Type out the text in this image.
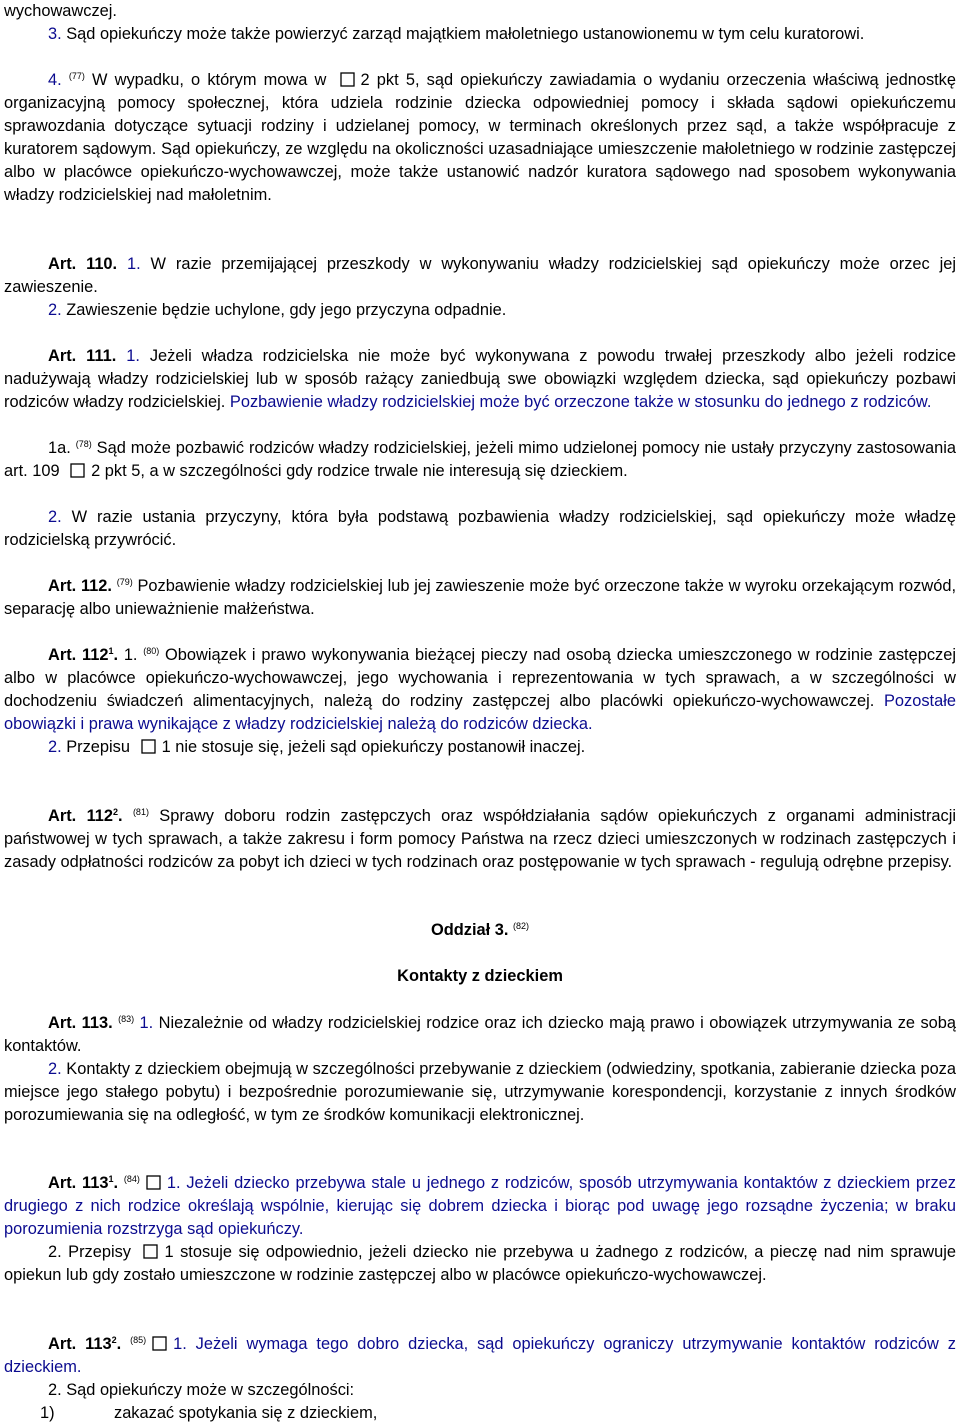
wychowawczej.
3. Sąd opiekuńczy może także powierzyć zarząd majątkiem małoletniego ustanowionemu w tym celu kuratorowi.

4. $^{(77)}$ W wypadku, o którym mowa w 2 pkt 5, sąd opiekuńczy zawiadamia o wydaniu orzeczenia właściwą jednostkę organizacyjną pomocy społecznej, która udziela rodzinie dziecka odpowiedniej pomocy i składa sądowi opiekuńczemu sprawozdania dotyczące sytuacji rodziny i udzielanej pomocy, w terminach określonych przez sąd, a także współpracuje z kuratorem sądowym. Sąd opiekuńczy, ze względu na okoliczności uzasadniające umieszczenie małoletniego w rodzinie zastępczej albo w placówce opiekuńczo-wychowawczej, może także ustanowić nadzór kuratora sądowego nad sposobem wykonywania władzy rodzicielskiej nad małoletnim.

Art. 110. 1. W razie przemijającej przeszkody w wykonywaniu władzy rodzicielskiej sąd opiekuńczy może orzec jej zawieszenie.
2. Zawieszenie będzie uchylone, gdy jego przyczyna odpadnie.

Art. 111. 1. Jeżeli władza rodzicielska nie może być wykonywana z powodu trwałej przeszkody albo jeżeli rodzice nadużywają władzy rodzicielskiej lub w sposób rażący zaniedbują swe obowiązki względem dziecka, sąd opiekuńczy pozbawi rodziców władzy rodzicielskiej. Pozbawienie władzy rodzicielskiej może być orzeczone także w stosunku do jednego z rodziców.

1a. $^{(78)}$ Sąd może pozbawić rodziców władzy rodzicielskiej, jeżeli mimo udzielonej pomocy nie ustały przyczyny zastosowania art. 109 2 pkt 5, a w szczególności gdy rodzice trwale nie interesują się dzieckiem.

2. W razie ustania przyczyny, która była podstawą pozbawienia władzy rodzicielskiej, sąd opiekuńczy może władzę rodzicielską przywrócić.

Art. 112. $^{(79)}$ Pozbawienie władzy rodzicielskiej lub jej zawieszenie może być orzeczone także w wyroku orzekającym rozwód, separację albo unieważnienie małżeństwa.

Art. 112$^1$. 1. $^{(80)}$ Obowiązek i prawo wykonywania bieżącej pieczy nad osobą dziecka umieszczonego w rodzinie zastępczej albo w placówce opiekuńczo-wychowawczej, jego wychowania i reprezentowania w tych sprawach, a w szczególności w dochodzeniu świadczeń alimentacyjnych, należą do rodziny zastępczej albo placówki opiekuńczo-wychowawczej. Pozostałe obowiązki i prawa wynikające z władzy rodzicielskiej należą do rodziców dziecka.
2. Przepisu 1 nie stosuje się, jeżeli sąd opiekuńczy postanowił inaczej.

Art. 112$^2$. $^{(81)}$ Sprawy doboru rodzin zastępczych oraz współdziałania sądów opiekuńczych z organami administracji państwowej w tych sprawach, a także zakresu i form pomocy Państwa na rzecz dzieci umieszczonych w rodzinach zastępczych i zasady odpłatności rodziców za pobyt ich dzieci w tych rodzinach oraz postępowanie w tych sprawach - regulują odrębne przepisy.

Oddział 3. $^{(82)}$
Kontakty z dzieckiem

Art. 113. $^{(83)}$ 1. Niezależnie od władzy rodzicielskiej rodzice oraz ich dziecko mają prawo i obowiązek utrzymywania ze sobą kontaktów.
2. Kontakty z dzieckiem obejmują w szczególności przebywanie z dzieckiem (odwiedziny, spotkania, zabieranie dziecka poza miejsce jego stałego pobytu) i bezpośrednie porozumiewanie się, utrzymywanie korespondencji, korzystanie z innych środków porozumiewania się na odległość, w tym ze środków komunikacji elektronicznej.

Art. 113$^1$. $^{(84)}$ 1. Jeżeli dziecko przebywa stale u jednego z rodziców, sposób utrzymywania kontaktów z dzieckiem przez drugiego z nich rodzice określają wspólnie, kierując się dobrem dziecka i biorąc pod uwagę jego rozsądne życzenia; w braku porozumienia rozstrzyga sąd opiekuńczy.
2. Przepisy 1 stosuje się odpowiednio, jeżeli dziecko nie przebywa u żadnego z rodziców, a pieczę nad nim sprawuje opiekun lub gdy zostało umieszczone w rodzinie zastępczej albo w placówce opiekuńczo-wychowawczej.

Art. 113$^2$. $^{(85)}$ 1. Jeżeli wymaga tego dobro dziecka, sąd opiekuńczy ograniczy utrzymywanie kontaktów rodziców z dzieckiem.
2. Sąd opiekuńczy może w szczególności:

1)	zakazać spotykania się z dzieckiem,
